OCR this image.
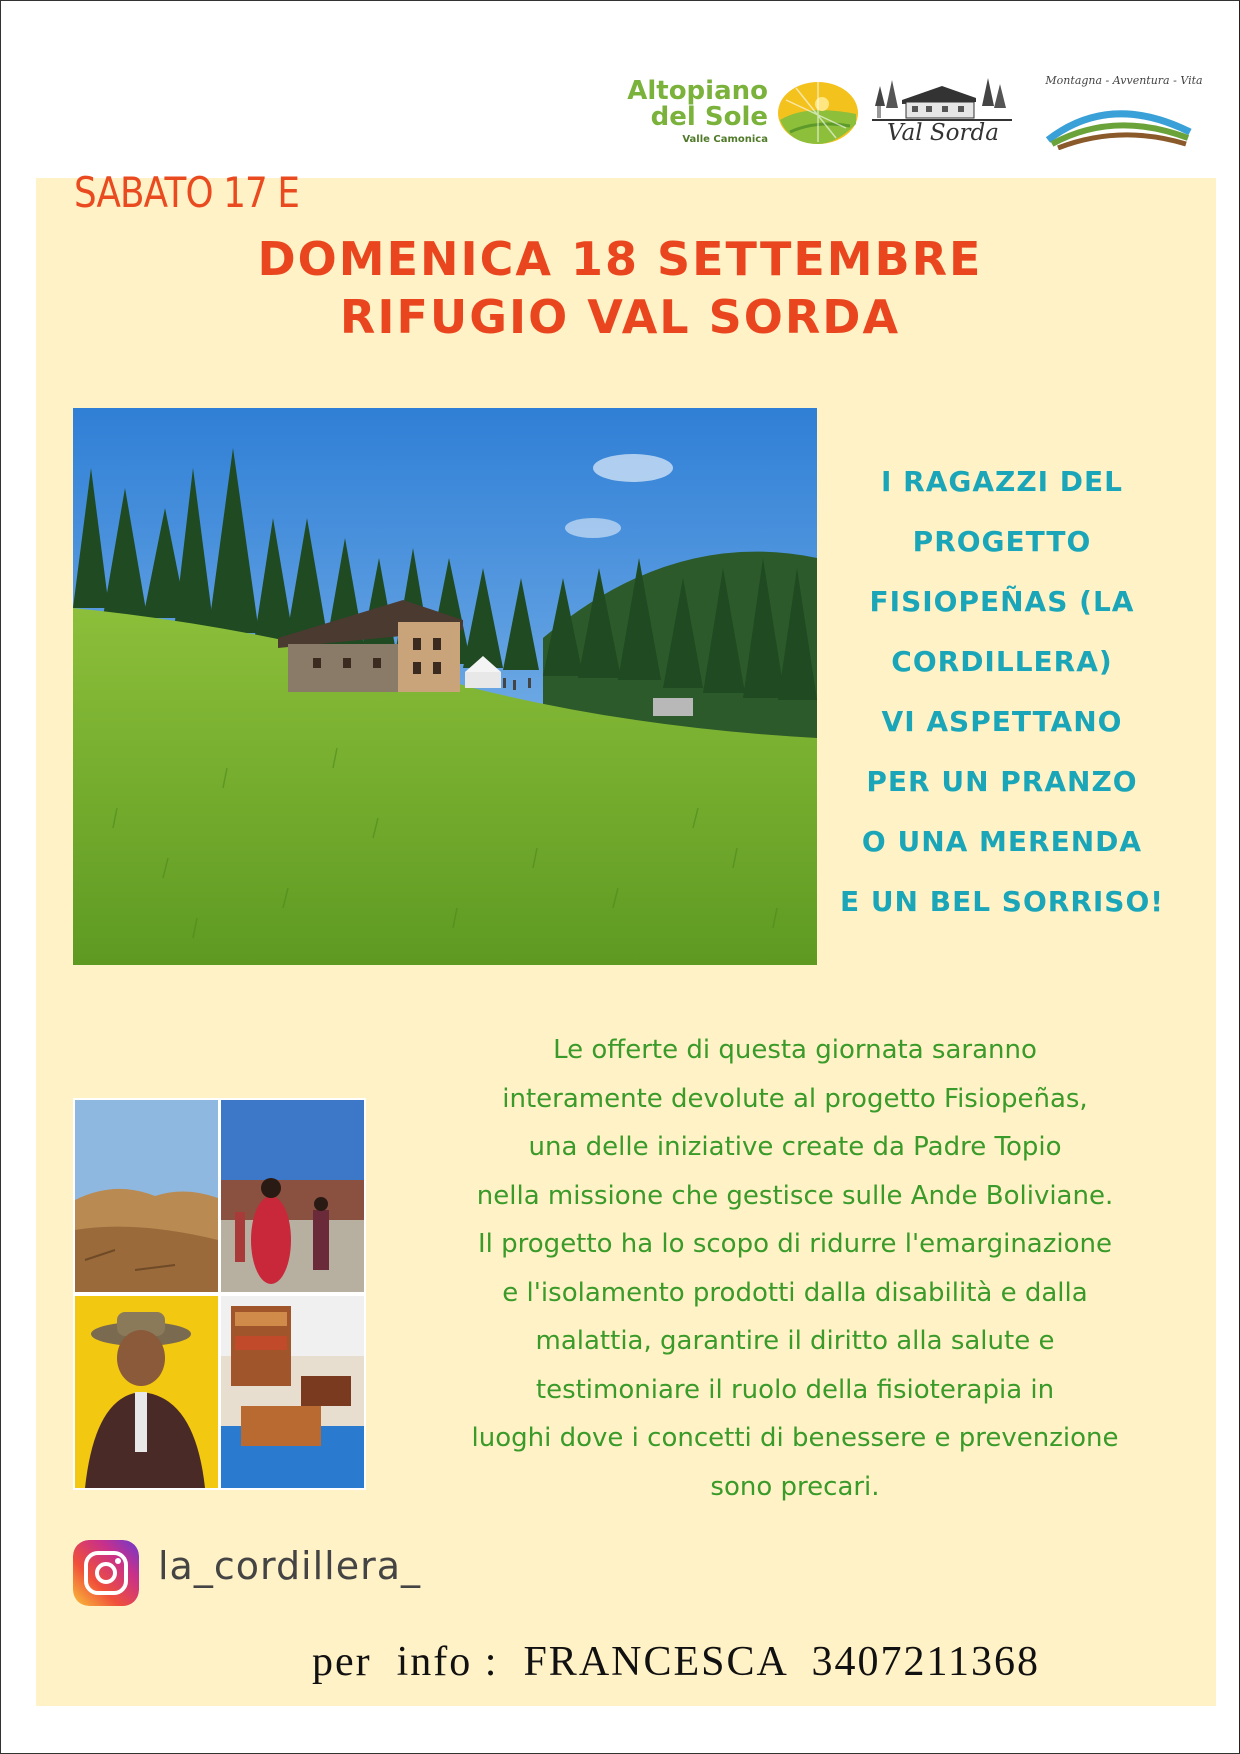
Altopiano
del Sole
Valle Camonica	Val Sorda
Montagna - Avventura - Vita
SABATO 17 E
DOMENICA 18 SETTEMBRE
RIFUGIO VAL SORDA
I RAGAZZI DEL
PROGETTO
FISIOPEÑAS (LA
CORDILLERA)
VI ASPETTANO
PER UN PRANZO
O UNA MERENDA
E UN BEL SORRISO!
Le offerte di questa giornata saranno
interamente devolute al progetto Fisiopeñas,
una delle iniziative create da Padre Topio
nella missione che gestisce sulle Ande Boliviane.
Il progetto ha lo scopo di ridurre l'emarginazione
e l'isolamento prodotti dalla disabilità e dalla
malattia, garantire il diritto alla salute e
testimoniare il ruolo della fisioterapia in
luoghi dove i concetti di benessere e prevenzione
sono precari.
la_cordillera_
per  info :  FRANCESCA  3407211368
